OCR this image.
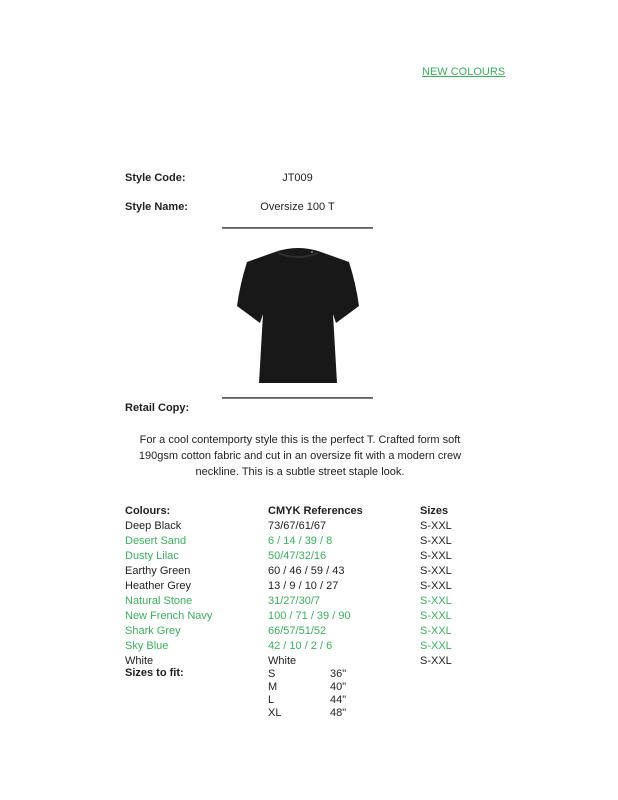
NEW COLOURS
Style Code:	JT009
Style Name:	Oversize 100 T
Retail Copy:
For a cool contemporty style this is the perfect T. Crafted form soft 190gsm cotton fabric and cut in an oversize fit with a modern crew neckline. This is a subtle street staple look.
Colours:	CMYK References	Sizes
Deep Black	73/67/61/67	S-XXL
Desert Sand	6 / 14 / 39 / 8	S-XXL
Dusty Lilac	50/47/32/16	S-XXL
Earthy Green	60 / 46 / 59 / 43	S-XXL
Heather Grey	13 / 9 / 10 / 27	S-XXL
Natural Stone	31/27/30/7	S-XXL
New French Navy	100 / 71 / 39 / 90	S-XXL
Shark Grey	66/57/51/52	S-XXL
Sky Blue	42 / 10 / 2 / 6	S-XXL
White	White	S-XXL
Sizes to fit:	S	36"
M	40"
L	44"
XL	48"
